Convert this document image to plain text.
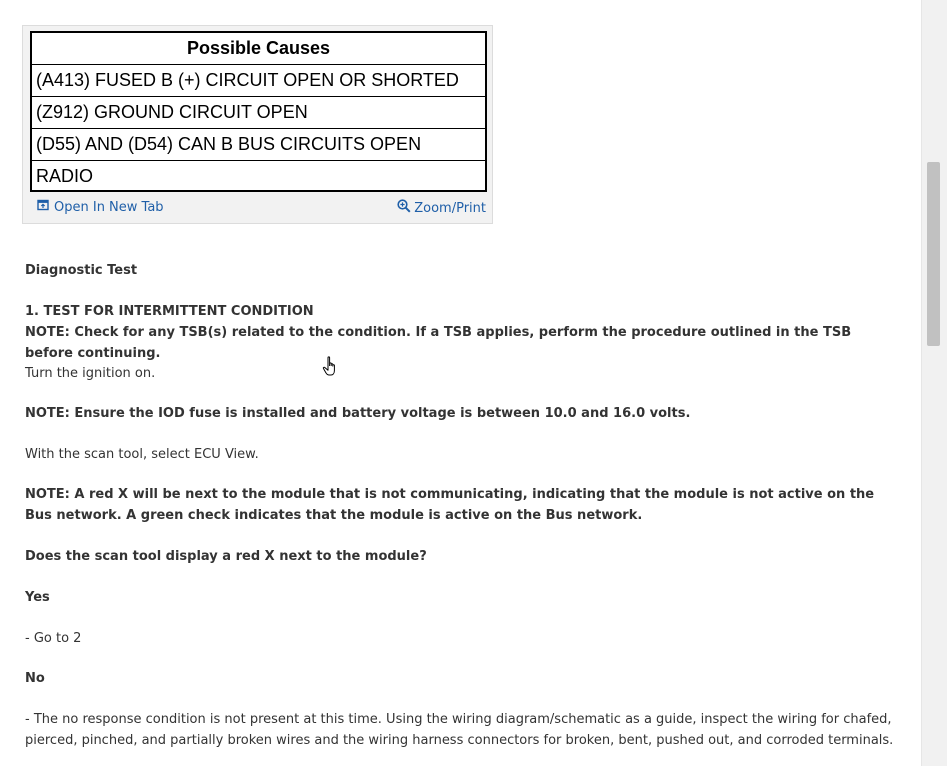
Possible Causes
(A413) FUSED B (+) CIRCUIT OPEN OR SHORTED
(Z912) GROUND CIRCUIT OPEN
(D55) AND (D54) CAN B BUS CIRCUITS OPEN
RADIO
Open In New Tab	Zoom/Print

Diagnostic Test

1. TEST FOR INTERMITTENT CONDITION

NOTE: Check for any TSB(s) related to the condition. If a TSB applies, perform the procedure outlined in the TSB before continuing.

Turn the ignition on.

NOTE: Ensure the IOD fuse is installed and battery voltage is between 10.0 and 16.0 volts.

With the scan tool, select ECU View.

NOTE: A red X will be next to the module that is not communicating, indicating that the module is not active on the Bus network. A green check indicates that the module is active on the Bus network.

Does the scan tool display a red X next to the module?

Yes

- Go to 2

No

- The no response condition is not present at this time. Using the wiring diagram/schematic as a guide, inspect the wiring for chafed, pierced, pinched, and partially broken wires and the wiring harness connectors for broken, bent, pushed out, and corroded terminals.
